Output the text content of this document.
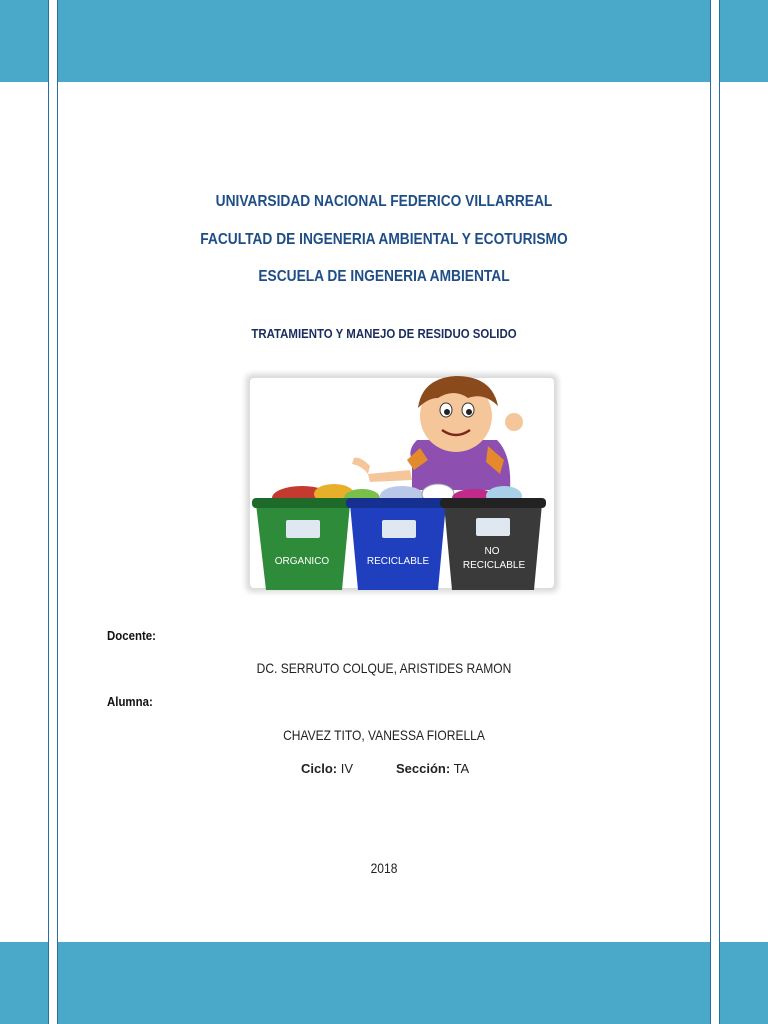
UNIVARSIDAD NACIONAL FEDERICO VILLARREAL
FACULTAD DE INGENERIA AMBIENTAL Y ECOTURISMO
ESCUELA DE INGENERIA AMBIENTAL
TRATAMIENTO Y MANEJO DE RESIDUO SOLIDO
ORGANICO	RECICLABLE
NO
RECICLABLE
Docente:
DC. SERRUTO COLQUE, ARISTIDES RAMON
Alumna:
CHAVEZ TITO, VANESSA FIORELLA
Ciclo: IV	Sección: TA
2018
